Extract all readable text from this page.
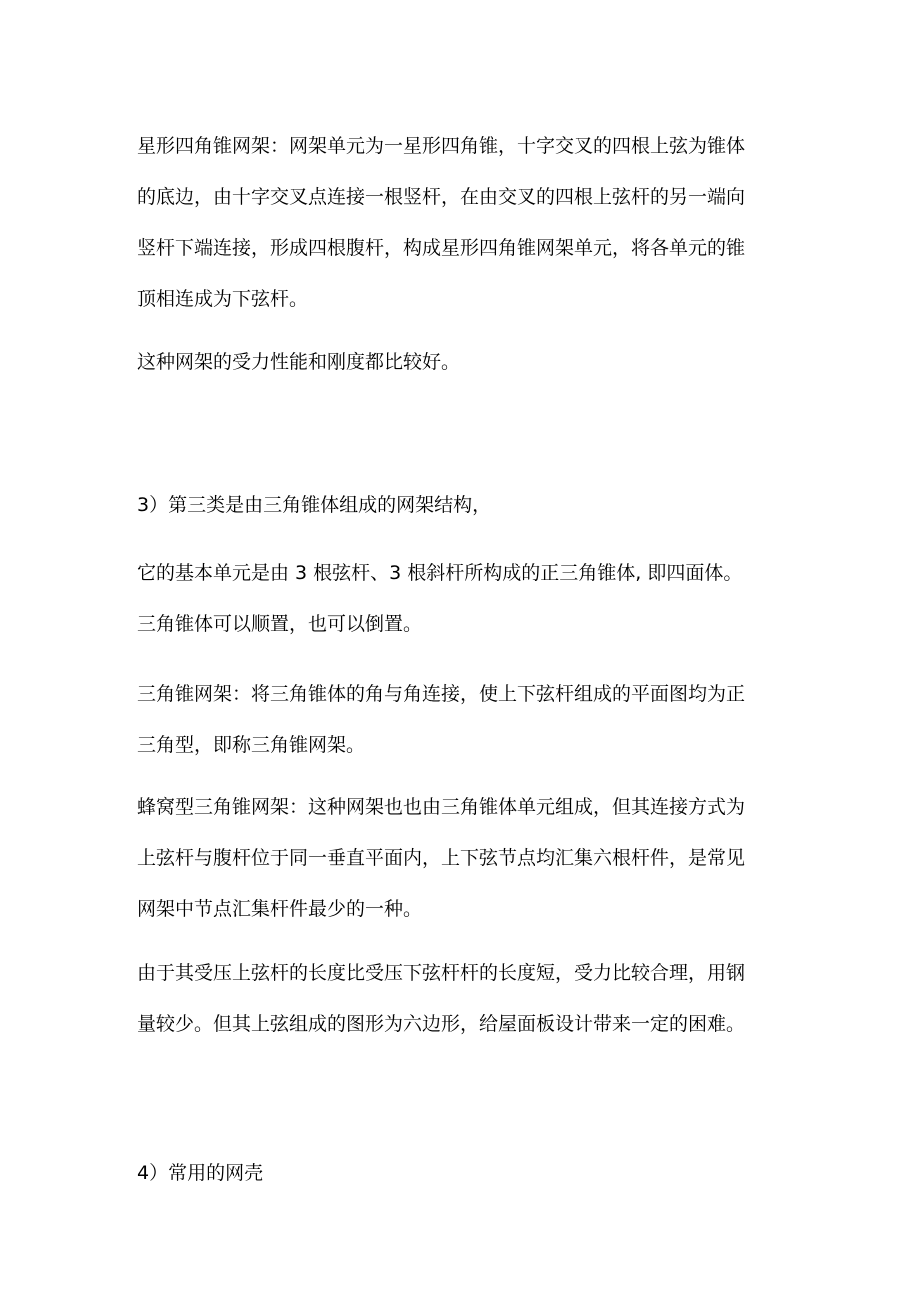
星形四角锥网架：网架单元为一星形四角锥，十字交叉的四根上弦为锥体
的底边，由十字交叉点连接一根竖杆，在由交叉的四根上弦杆的另一端向
竖杆下端连接，形成四根腹杆，构成星形四角锥网架单元，将各单元的锥
顶相连成为下弦杆。

这种网架的受力性能和刚度都比较好。

3）第三类是由三角锥体组成的网架结构，

它的基本单元是由 3 根弦杆、3 根斜杆所构成的正三角锥体, 即四面体。
三角锥体可以顺置，也可以倒置。

三角锥网架：将三角锥体的角与角连接，使上下弦杆组成的平面图均为正
三角型，即称三角锥网架。

蜂窝型三角锥网架：这种网架也也由三角锥体单元组成，但其连接方式为
上弦杆与腹杆位于同一垂直平面内，上下弦节点均汇集六根杆件，是常见
网架中节点汇集杆件最少的一种。

由于其受压上弦杆的长度比受压下弦杆杆的长度短，受力比较合理，用钢
量较少。但其上弦组成的图形为六边形，给屋面板设计带来一定的困难。

4）常用的网壳
